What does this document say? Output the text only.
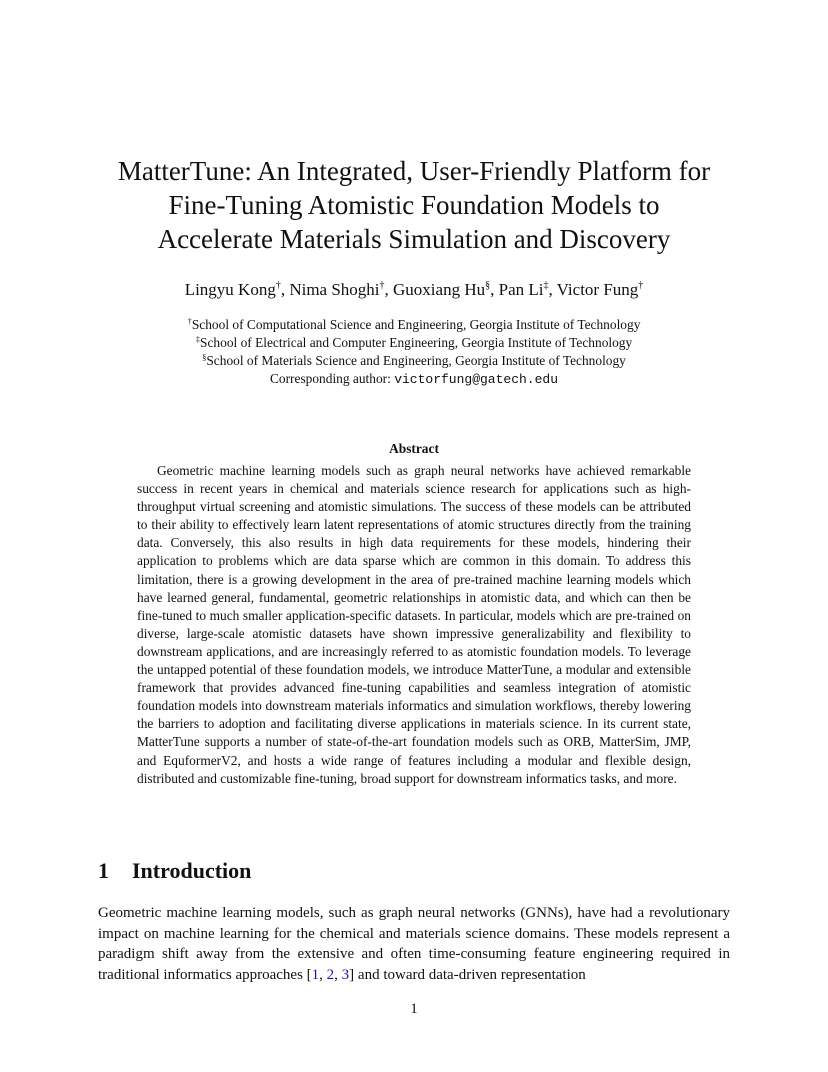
MatterTune: An Integrated, User-Friendly Platform for
Fine-Tuning Atomistic Foundation Models to
Accelerate Materials Simulation and Discovery
Lingyu Kong†, Nima Shoghi†, Guoxiang Hu§, Pan Li‡, Victor Fung†
†School of Computational Science and Engineering, Georgia Institute of Technology
‡School of Electrical and Computer Engineering, Georgia Institute of Technology
§School of Materials Science and Engineering, Georgia Institute of Technology
Corresponding author: victorfung@gatech.edu
Abstract

Geometric machine learning models such as graph neural networks have achieved remarkable success in recent years in chemical and materials science research for applications such as high-throughput virtual screening and atomistic simulations. The success of these models can be attributed to their ability to effectively learn latent representations of atomic structures directly from the training data. Conversely, this also results in high data requirements for these models, hindering their application to problems which are data sparse which are common in this domain. To address this limitation, there is a growing development in the area of pre-trained machine learning models which have learned general, fundamental, geometric relationships in atomistic data, and which can then be fine-tuned to much smaller application-specific datasets. In particular, models which are pre-trained on diverse, large-scale atomistic datasets have shown impressive generalizability and flexibility to downstream applications, and are increasingly referred to as atomistic foundation models. To leverage the untapped potential of these foundation models, we introduce MatterTune, a modular and extensible framework that provides advanced fine-tuning capabilities and seamless integration of atomistic foundation models into downstream materials informatics and simulation workflows, thereby lowering the barriers to adoption and facilitating diverse applications in materials science. In its current state, MatterTune supports a number of state-of-the-art foundation models such as ORB, MatterSim, JMP, and EquformerV2, and hosts a wide range of features including a modular and flexible design, distributed and customizable fine-tuning, broad support for downstream informatics tasks, and more.

1 Introduction

Geometric machine learning models, such as graph neural networks (GNNs), have had a revolutionary impact on machine learning for the chemical and materials science domains. These models represent a paradigm shift away from the extensive and often time-consuming feature engineering required in traditional informatics approaches [1, 2, 3] and toward data-driven representation

1
